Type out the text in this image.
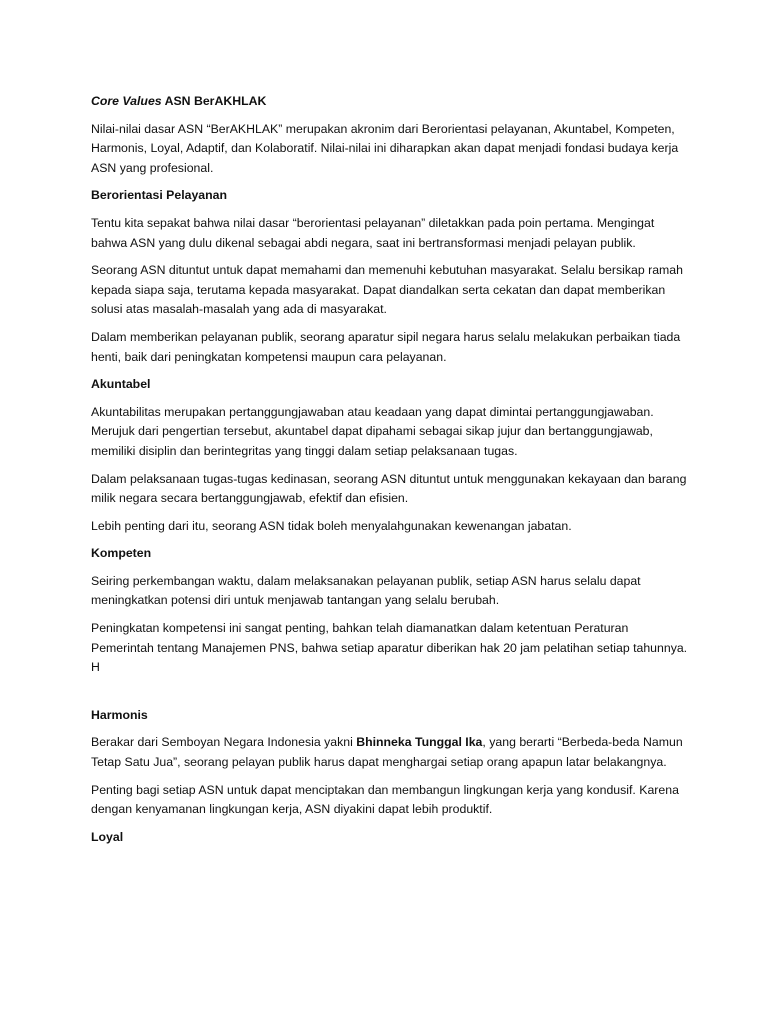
Core Values ASN BerAKHLAK

Nilai-nilai dasar ASN “BerAKHLAK” merupakan akronim dari Berorientasi pelayanan, Akuntabel, Kompeten, Harmonis, Loyal, Adaptif, dan Kolaboratif. Nilai-nilai ini diharapkan akan dapat menjadi fondasi budaya kerja ASN yang profesional.

Berorientasi Pelayanan

Tentu kita sepakat bahwa nilai dasar “berorientasi pelayanan” diletakkan pada poin pertama. Mengingat bahwa ASN yang dulu dikenal sebagai abdi negara, saat ini bertransformasi menjadi pelayan publik.

Seorang ASN dituntut untuk dapat memahami dan memenuhi kebutuhan masyarakat. Selalu bersikap ramah kepada siapa saja, terutama kepada masyarakat. Dapat diandalkan serta cekatan dan dapat memberikan solusi atas masalah-masalah yang ada di masyarakat.

Dalam memberikan pelayanan publik, seorang aparatur sipil negara harus selalu melakukan perbaikan tiada henti, baik dari peningkatan kompetensi maupun cara pelayanan.

Akuntabel

Akuntabilitas merupakan pertanggungjawaban atau keadaan yang dapat dimintai pertanggungjawaban. Merujuk dari pengertian tersebut, akuntabel dapat dipahami sebagai sikap jujur dan bertanggungjawab, memiliki disiplin dan berintegritas yang tinggi dalam setiap pelaksanaan tugas.

Dalam pelaksanaan tugas-tugas kedinasan, seorang ASN dituntut untuk menggunakan kekayaan dan barang milik negara secara bertanggungjawab, efektif dan efisien.

Lebih penting dari itu, seorang ASN tidak boleh menyalahgunakan kewenangan jabatan.

Kompeten

Seiring perkembangan waktu, dalam melaksanakan pelayanan publik, setiap ASN harus selalu dapat meningkatkan potensi diri untuk menjawab tantangan yang selalu berubah.

Peningkatan kompetensi ini sangat penting, bahkan telah diamanatkan dalam ketentuan Peraturan Pemerintah tentang Manajemen PNS, bahwa setiap aparatur diberikan hak 20 jam pelatihan setiap tahunnya. H

Harmonis

Berakar dari Semboyan Negara Indonesia yakni Bhinneka Tunggal Ika, yang berarti “Berbeda-beda Namun Tetap Satu Jua”, seorang pelayan publik harus dapat menghargai setiap orang apapun latar belakangnya.

Penting bagi setiap ASN untuk dapat menciptakan dan membangun lingkungan kerja yang kondusif. Karena dengan kenyamanan lingkungan kerja, ASN diyakini dapat lebih produktif.

Loyal
